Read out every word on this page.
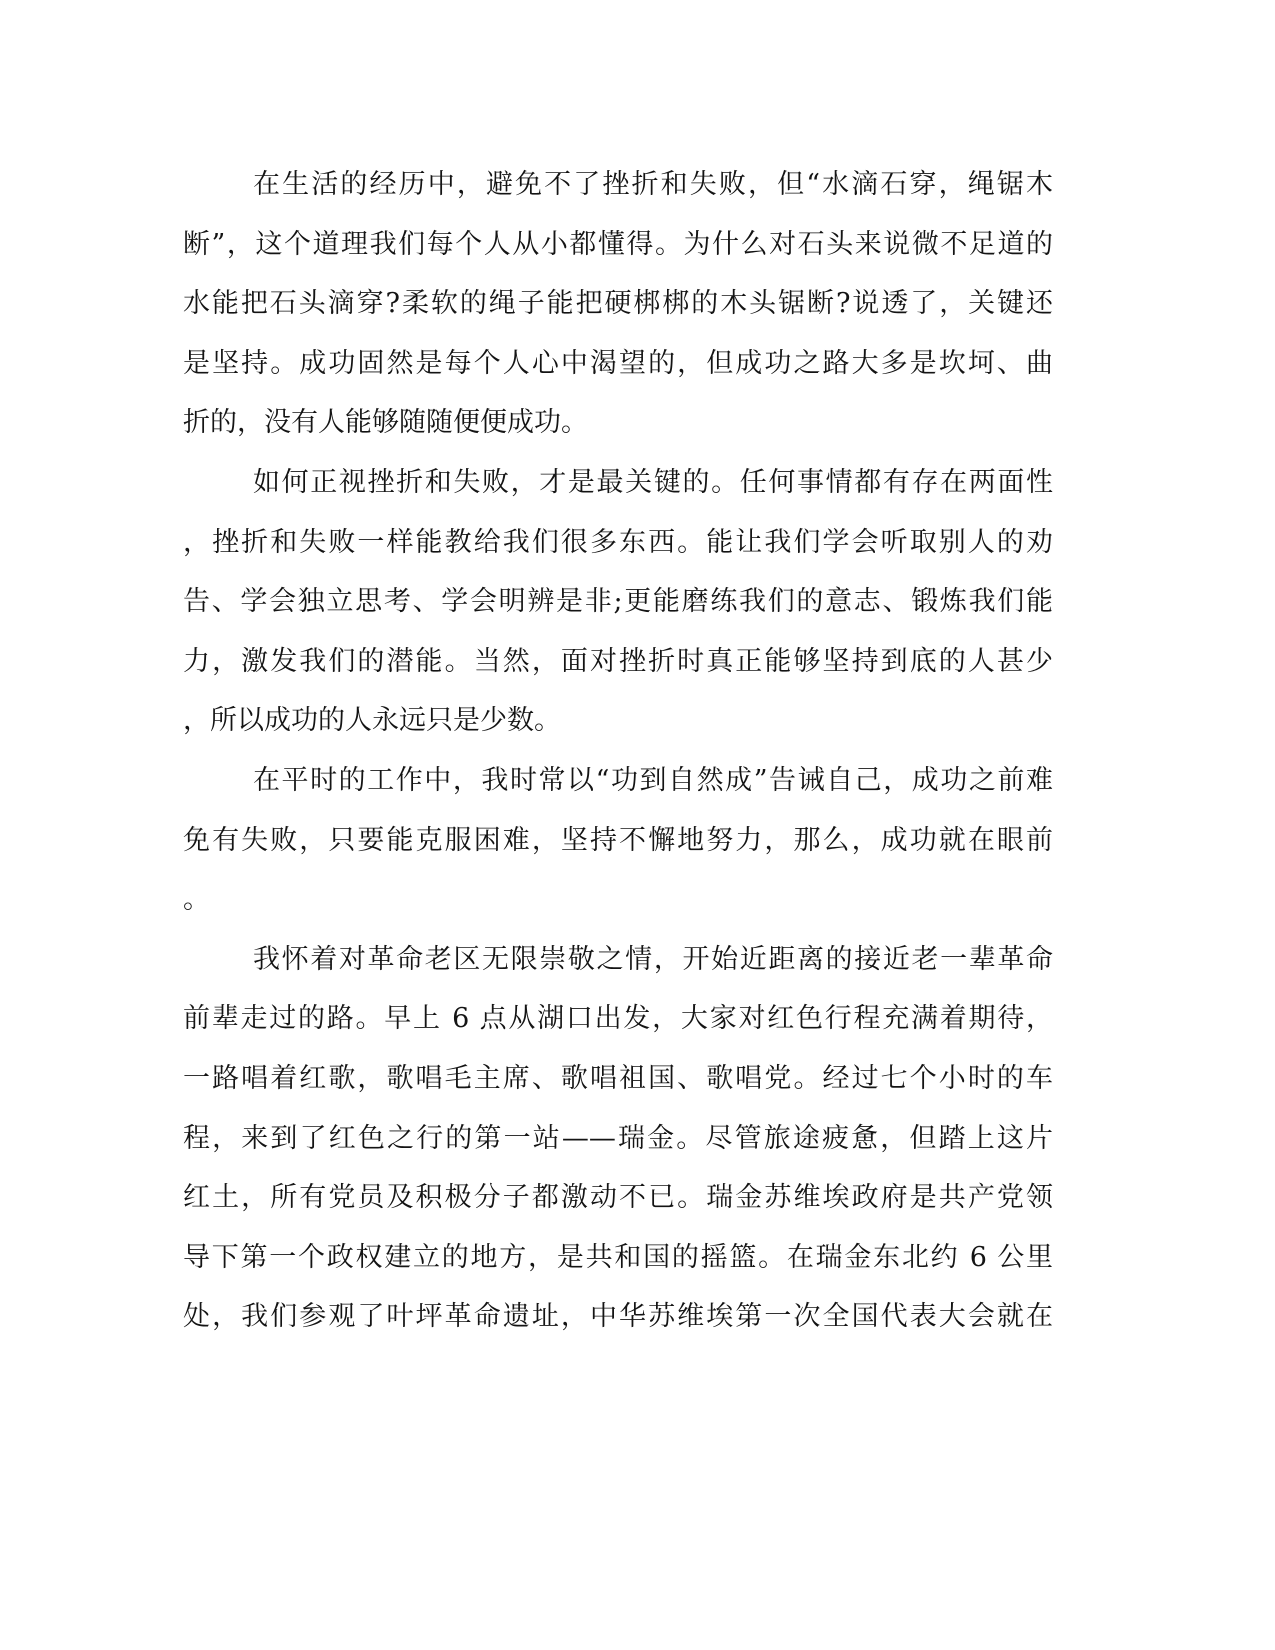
在生活的经历中，避免不了挫折和失败，但“水滴石穿，绳锯木
断”，这个道理我们每个人从小都懂得。为什么对石头来说微不足道的
水能把石头滴穿?柔软的绳子能把硬梆梆的木头锯断?说透了，关键还
是坚持。成功固然是每个人心中渴望的，但成功之路大多是坎坷、曲
折的，没有人能够随随便便成功。
如何正视挫折和失败，才是最关键的。任何事情都有存在两面性
，挫折和失败一样能教给我们很多东西。能让我们学会听取别人的劝
告、学会独立思考、学会明辨是非;更能磨练我们的意志、锻炼我们能
力，激发我们的潜能。当然，面对挫折时真正能够坚持到底的人甚少
，所以成功的人永远只是少数。
在平时的工作中，我时常以“功到自然成”告诫自己，成功之前难
免有失败，只要能克服困难，坚持不懈地努力，那么，成功就在眼前
。
我怀着对革命老区无限崇敬之情，开始近距离的接近老一辈革命
前辈走过的路。早上 6 点从湖口出发，大家对红色行程充满着期待，
一路唱着红歌，歌唱毛主席、歌唱祖国、歌唱党。经过七个小时的车
程，来到了红色之行的第一站——瑞金。尽管旅途疲惫，但踏上这片
红土，所有党员及积极分子都激动不已。瑞金苏维埃政府是共产党领
导下第一个政权建立的地方，是共和国的摇篮。在瑞金东北约 6 公里
处，我们参观了叶坪革命遗址，中华苏维埃第一次全国代表大会就在
